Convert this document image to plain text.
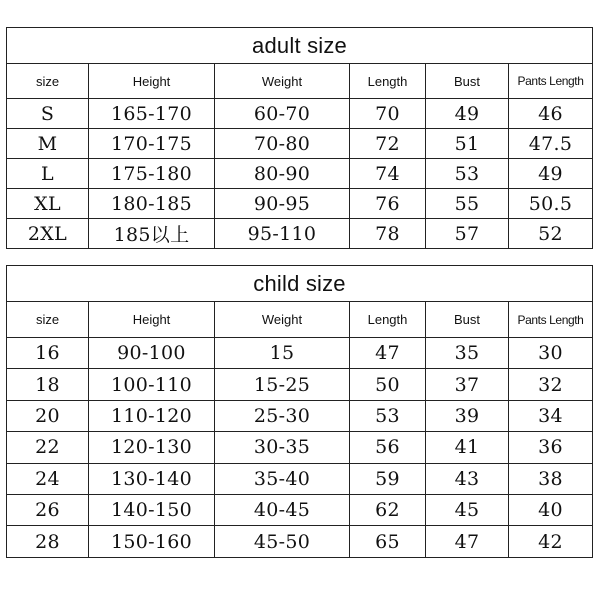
adult size					
size	Height	Weight	Length	Bust	Pants Length
S	165-170	60-70	70	49	46
M	170-175	70-80	72	51	47.5
L	175-180	80-90	74	53	49
XL	180-185	90-95	76	55	50.5
2XL	185以上	95-110	78	57	52
child size					
size	Height	Weight	Length	Bust	Pants Length
16	90-100	15	47	35	30
18	100-110	15-25	50	37	32
20	110-120	25-30	53	39	34
22	120-130	30-35	56	41	36
24	130-140	35-40	59	43	38
26	140-150	40-45	62	45	40
28	150-160	45-50	65	47	42
